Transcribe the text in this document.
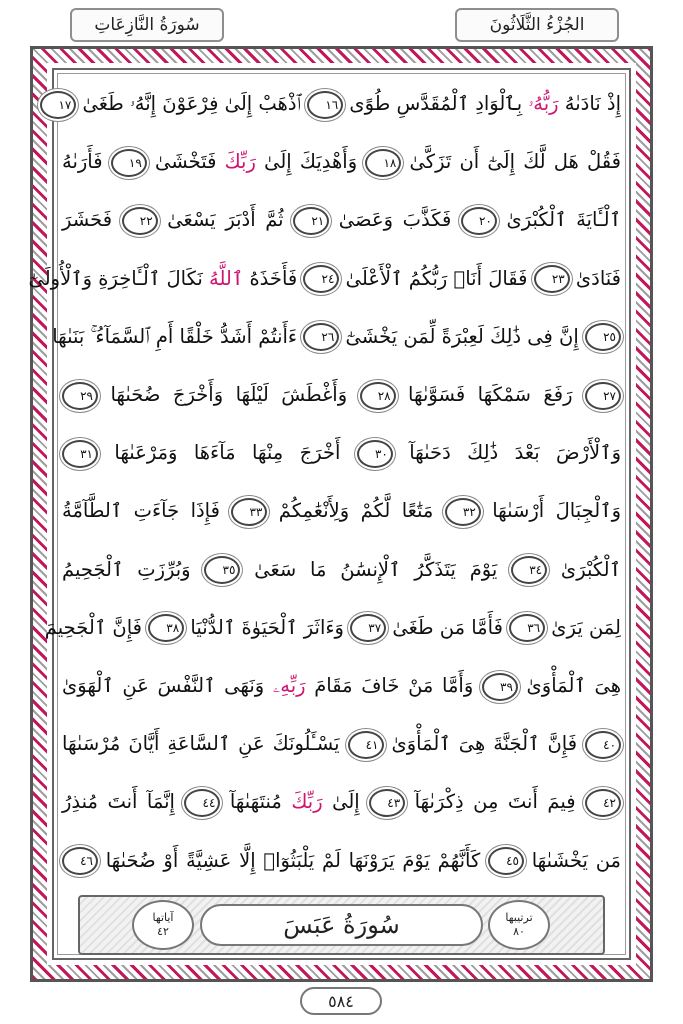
سُورَةُ النَّازِعَاتِ	الجُزْءُ الثَّلَاثُونَ
إِذْ نَادَىٰهُ رَبُّهُۥ بِٱلْوَادِ ٱلْمُقَدَّسِ طُوًى ١٦ ٱذْهَبْ إِلَىٰ فِرْعَوْنَ إِنَّهُۥ طَغَىٰ ١٧
فَقُلْ هَل لَّكَ إِلَىٰٓ أَن تَزَكَّىٰ ١٨ وَأَهْدِيَكَ إِلَىٰ رَبِّكَ فَتَخْشَىٰ ١٩ فَأَرَىٰهُ
ٱلْـَٔايَةَ ٱلْكُبْرَىٰ ٢٠ فَكَذَّبَ وَعَصَىٰ ٢١ ثُمَّ أَدْبَرَ يَسْعَىٰ ٢٢ فَحَشَرَ
فَنَادَىٰ ٢٣ فَقَالَ أَنَا۠ رَبُّكُمُ ٱلْأَعْلَىٰ ٢٤ فَأَخَذَهُ ٱللَّهُ نَكَالَ ٱلْـَٔاخِرَةِ وَٱلْأُولَىٰٓ
٢٥ إِنَّ فِى ذَٰلِكَ لَعِبْرَةً لِّمَن يَخْشَىٰٓ ٢٦ ءَأَنتُمْ أَشَدُّ خَلْقًا أَمِ ٱلسَّمَآءُ ۚ بَنَىٰهَا
٢٧ رَفَعَ سَمْكَهَا فَسَوَّىٰهَا ٢٨ وَأَغْطَشَ لَيْلَهَا وَأَخْرَجَ ضُحَىٰهَا ٢٩
وَٱلْأَرْضَ بَعْدَ ذَٰلِكَ دَحَىٰهَآ ٣٠ أَخْرَجَ مِنْهَا مَآءَهَا وَمَرْعَىٰهَا ٣١
وَٱلْجِبَالَ أَرْسَىٰهَا ٣٢ مَتَٰعًا لَّكُمْ وَلِأَنْعَٰمِكُمْ ٣٣ فَإِذَا جَآءَتِ ٱلطَّآمَّةُ
ٱلْكُبْرَىٰ ٣٤ يَوْمَ يَتَذَكَّرُ ٱلْإِنسَٰنُ مَا سَعَىٰ ٣٥ وَبُرِّزَتِ ٱلْجَحِيمُ
لِمَن يَرَىٰ ٣٦ فَأَمَّا مَن طَغَىٰ ٣٧ وَءَاثَرَ ٱلْحَيَوٰةَ ٱلدُّنْيَا ٣٨ فَإِنَّ ٱلْجَحِيمَ
هِىَ ٱلْمَأْوَىٰ ٣٩ وَأَمَّا مَنْ خَافَ مَقَامَ رَبِّهِۦ وَنَهَى ٱلنَّفْسَ عَنِ ٱلْهَوَىٰ
٤٠ فَإِنَّ ٱلْجَنَّةَ هِىَ ٱلْمَأْوَىٰ ٤١ يَسْـَٔلُونَكَ عَنِ ٱلسَّاعَةِ أَيَّانَ مُرْسَىٰهَا
٤٢ فِيمَ أَنتَ مِن ذِكْرَىٰهَآ ٤٣ إِلَىٰ رَبِّكَ مُنتَهَىٰهَآ ٤٤ إِنَّمَآ أَنتَ مُنذِرُ
مَن يَخْشَىٰهَا ٤٥ كَأَنَّهُمْ يَوْمَ يَرَوْنَهَا لَمْ يَلْبَثُوٓا۟ إِلَّا عَشِيَّةً أَوْ ضُحَىٰهَا ٤٦
آياتها
٤٢	سُورَةُ عَبَسَ	ترتيبها
٨٠
٥٨٤
